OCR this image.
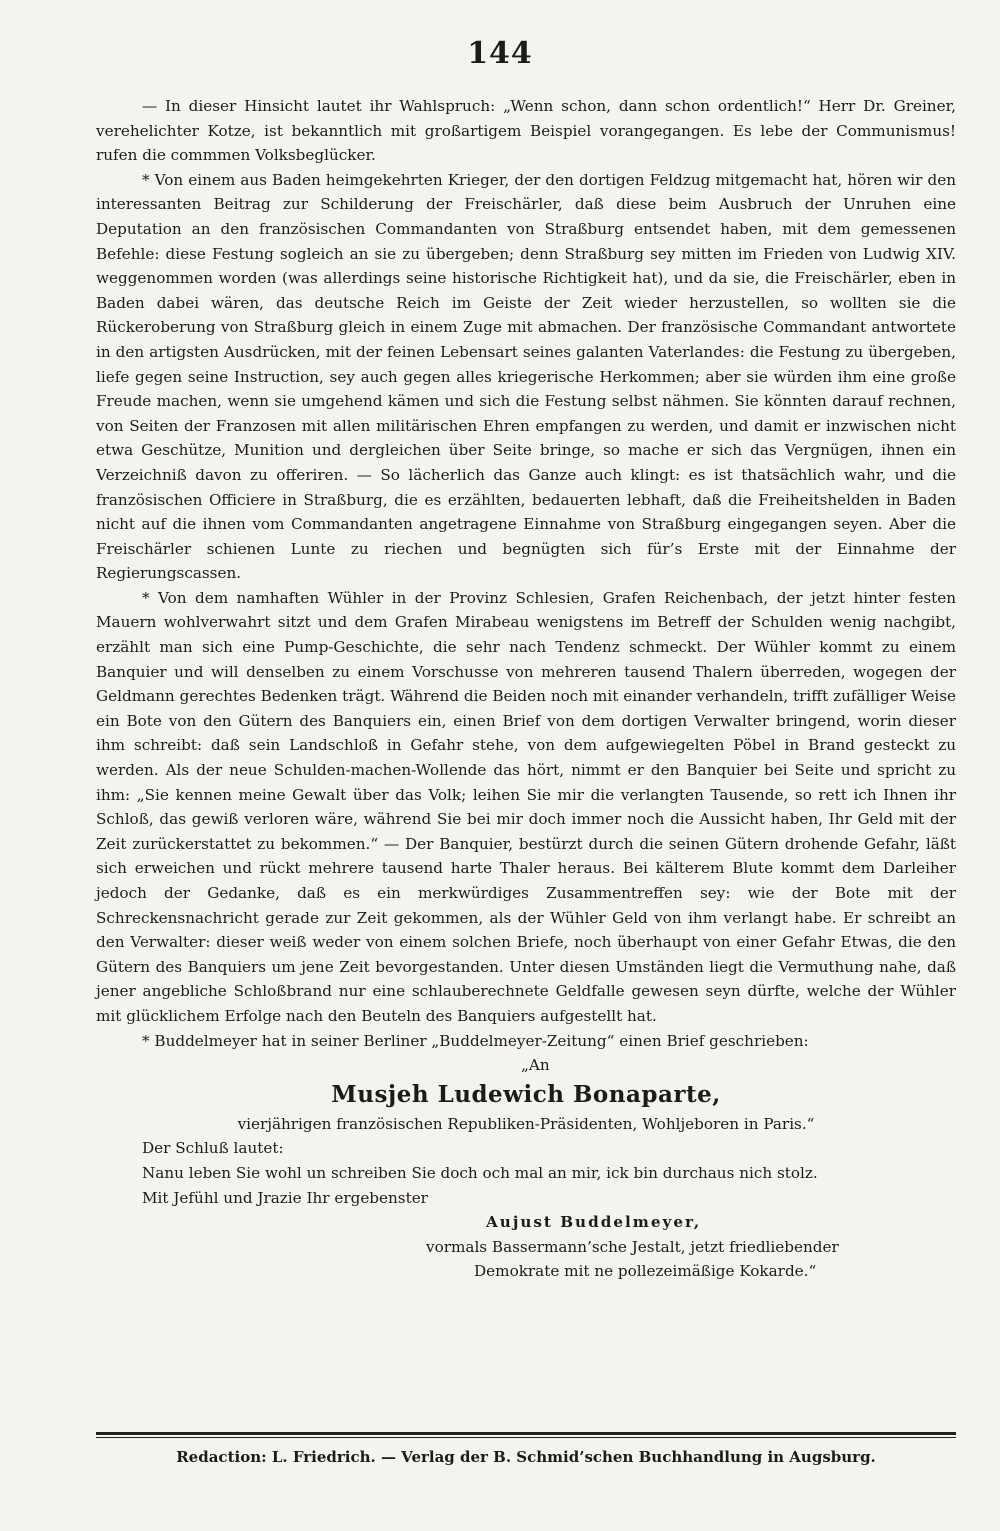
144

— In dieser Hinsicht lautet ihr Wahlspruch: „Wenn schon, dann schon ordentlich!“ Herr Dr. Greiner, verehelichter Kotze, ist bekanntlich mit großartigem Beispiel vorangegangen. Es lebe der Communismus! rufen die commmen Volksbeglücker.

* Von einem aus Baden heimgekehrten Krieger, der den dortigen Feldzug mitgemacht hat, hören wir den interessanten Beitrag zur Schilderung der Freischärler, daß diese beim Ausbruch der Unruhen eine Deputation an den französischen Commandanten von Straßburg entsendet haben, mit dem gemessenen Befehle: diese Festung sogleich an sie zu übergeben; denn Straßburg sey mitten im Frieden von Ludwig XIV. weggenommen worden (was allerdings seine historische Richtigkeit hat), und da sie, die Freischärler, eben in Baden dabei wären, das deutsche Reich im Geiste der Zeit wieder herzustellen, so wollten sie die Rückeroberung von Straßburg gleich in einem Zuge mit abmachen. Der französische Commandant antwortete in den artigsten Ausdrücken, mit der feinen Lebensart seines galanten Vaterlandes: die Festung zu übergeben, liefe gegen seine Instruction, sey auch gegen alles kriegerische Herkommen; aber sie würden ihm eine große Freude machen, wenn sie umgehend kämen und sich die Festung selbst nähmen. Sie könnten darauf rechnen, von Seiten der Franzosen mit allen militärischen Ehren empfangen zu werden, und damit er inzwischen nicht etwa Geschütze, Munition und dergleichen über Seite bringe, so mache er sich das Vergnügen, ihnen ein Verzeichniß davon zu offeriren. — So lächerlich das Ganze auch klingt: es ist thatsächlich wahr, und die französischen Officiere in Straßburg, die es erzählten, bedauerten lebhaft, daß die Freiheitshelden in Baden nicht auf die ihnen vom Commandanten angetragene Einnahme von Straßburg eingegangen seyen. Aber die Freischärler schienen Lunte zu riechen und begnügten sich für’s Erste mit der Einnahme der Regierungscassen.

* Von dem namhaften Wühler in der Provinz Schlesien, Grafen Reichenbach, der jetzt hinter festen Mauern wohlverwahrt sitzt und dem Grafen Mirabeau wenigstens im Betreff der Schulden wenig nachgibt, erzählt man sich eine Pump-Geschichte, die sehr nach Tendenz schmeckt. Der Wühler kommt zu einem Banquier und will denselben zu einem Vorschusse von mehreren tausend Thalern überreden, wogegen der Geldmann gerechtes Bedenken trägt. Während die Beiden noch mit einander verhandeln, trifft zufälliger Weise ein Bote von den Gütern des Banquiers ein, einen Brief von dem dortigen Verwalter bringend, worin dieser ihm schreibt: daß sein Landschloß in Gefahr stehe, von dem aufgewiegelten Pöbel in Brand gesteckt zu werden. Als der neue Schulden-machen-Wollende das hört, nimmt er den Banquier bei Seite und spricht zu ihm: „Sie kennen meine Gewalt über das Volk; leihen Sie mir die verlangten Tausende, so rett ich Ihnen ihr Schloß, das gewiß verloren wäre, während Sie bei mir doch immer noch die Aussicht haben, Ihr Geld mit der Zeit zurückerstattet zu bekommen.“ — Der Banquier, bestürzt durch die seinen Gütern drohende Gefahr, läßt sich erweichen und rückt mehrere tausend harte Thaler heraus. Bei kälterem Blute kommt dem Darleiher jedoch der Gedanke, daß es ein merkwürdiges Zusammentreffen sey: wie der Bote mit der Schreckensnachricht gerade zur Zeit gekommen, als der Wühler Geld von ihm verlangt habe. Er schreibt an den Verwalter: dieser weiß weder von einem solchen Briefe, noch überhaupt von einer Gefahr Etwas, die den Gütern des Banquiers um jene Zeit bevorgestanden. Unter diesen Umständen liegt die Vermuthung nahe, daß jener angebliche Schloßbrand nur eine schlauberechnete Geldfalle gewesen seyn dürfte, welche der Wühler mit glücklichem Erfolge nach den Beuteln des Banquiers aufgestellt hat.

* Buddelmeyer hat in seiner Berliner „Buddelmeyer-Zeitung“ einen Brief geschrieben:

„An

Musjeh Ludewich Bonaparte,

vierjährigen französischen Republiken-Präsidenten, Wohljeboren in Paris.“

Der Schluß lautet:

Nanu leben Sie wohl un schreiben Sie doch och mal an mir, ick bin durchaus nich stolz.

Mit Jefühl und Jrazie Ihr ergebenster

Aujust Buddelmeyer,

vormals Bassermann’sche Jestalt, jetzt friedliebender

Demokrate mit ne pollezeimäßige Kokarde.“

Redaction: L. Friedrich. — Verlag der B. Schmid’schen Buchhandlung in Augsburg.
